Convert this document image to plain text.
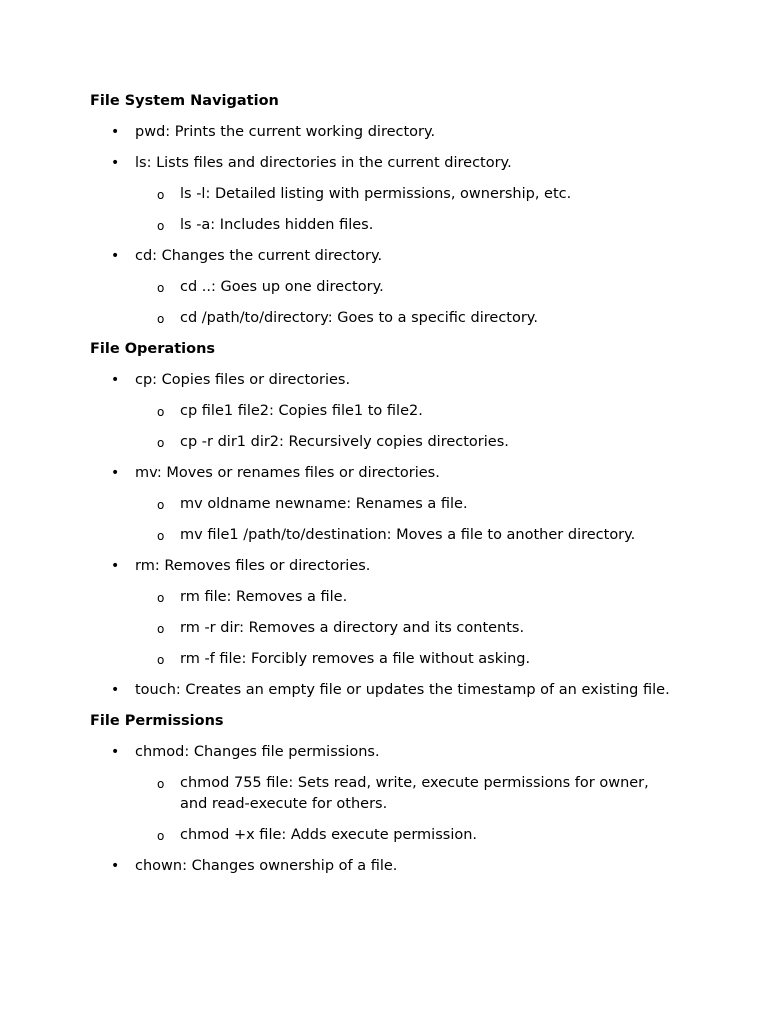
File System Navigation
• pwd: Prints the current working directory.
• ls: Lists files and directories in the current directory.
o ls -l: Detailed listing with permissions, ownership, etc.
o ls -a: Includes hidden files.
• cd: Changes the current directory.
o cd ..: Goes up one directory.
o cd /path/to/directory: Goes to a specific directory.
File Operations
• cp: Copies files or directories.
o cp file1 file2: Copies file1 to file2.
o cp -r dir1 dir2: Recursively copies directories.
• mv: Moves or renames files or directories.
o mv oldname newname: Renames a file.
o mv file1 /path/to/destination: Moves a file to another directory.
• rm: Removes files or directories.
o rm file: Removes a file.
o rm -r dir: Removes a directory and its contents.
o rm -f file: Forcibly removes a file without asking.
• touch: Creates an empty file or updates the timestamp of an existing file.
File Permissions
• chmod: Changes file permissions.
o chmod 755 file: Sets read, write, execute permissions for owner, and read-execute for others.
o chmod +x file: Adds execute permission.
• chown: Changes ownership of a file.
